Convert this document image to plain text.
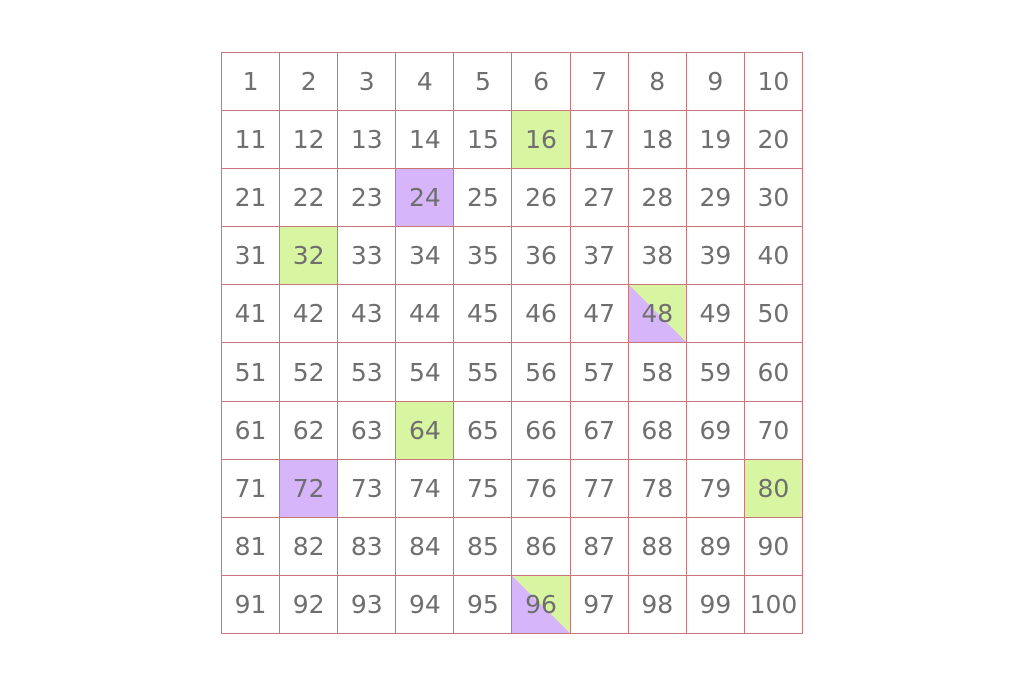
1	2	3	4	5	6	7	8	9	10
11	12	13	14	15	16	17	18	19	20
21	22	23	24	25	26	27	28	29	30
31	32	33	34	35	36	37	38	39	40
41	42	43	44	45	46	47	48	49	50
51	52	53	54	55	56	57	58	59	60
61	62	63	64	65	66	67	68	69	70
71	72	73	74	75	76	77	78	79	80
81	82	83	84	85	86	87	88	89	90
91	92	93	94	95	96	97	98	99 100
